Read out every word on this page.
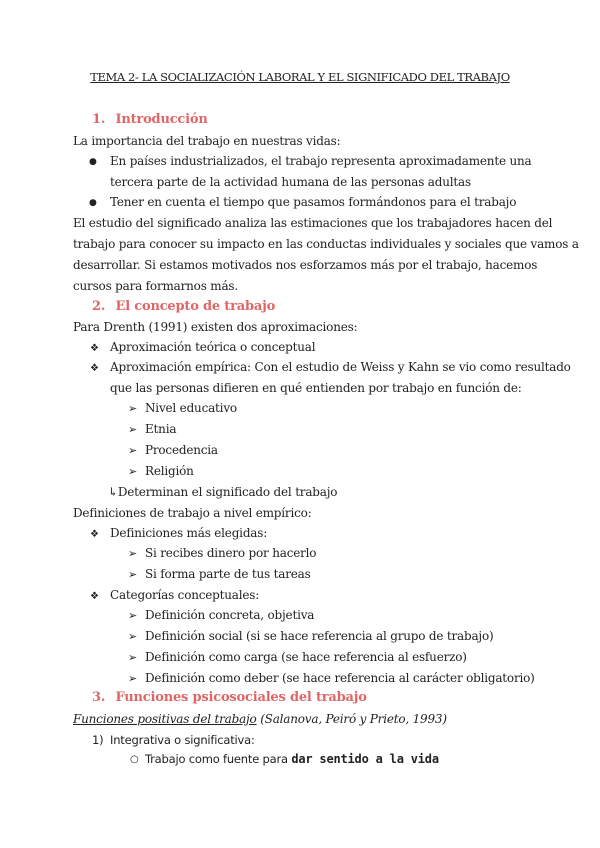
TEMA 2- LA SOCIALIZACIÓN LABORAL Y EL SIGNIFICADO DEL TRABAJO
1. Introducción
La importancia del trabajo en nuestras vidas:
● En países industrializados, el trabajo representa aproximadamente una
tercera parte de la actividad humana de las personas adultas
● Tener en cuenta el tiempo que pasamos formándonos para el trabajo
El estudio del significado analiza las estimaciones que los trabajadores hacen del
trabajo para conocer su impacto en las conductas individuales y sociales que vamos a
desarrollar. Si estamos motivados nos esforzamos más por el trabajo, hacemos
cursos para formarnos más.
2. El concepto de trabajo
Para Drenth (1991) existen dos aproximaciones:
❖ Aproximación teórica o conceptual
❖ Aproximación empírica: Con el estudio de Weiss y Kahn se vio como resultado
que las personas difieren en qué entienden por trabajo en función de:
➢ Nivel educativo
➢ Etnia
➢ Procedencia
➢ Religión
↳Determinan el significado del trabajo
Definiciones de trabajo a nivel empírico:
❖ Definiciones más elegidas:
➢ Si recibes dinero por hacerlo
➢ Si forma parte de tus tareas
❖ Categorías conceptuales:
➢ Definición concreta, objetiva
➢ Definición social (si se hace referencia al grupo de trabajo)
➢ Definición como carga (se hace referencia al esfuerzo)
➢ Definición como deber (se hace referencia al carácter obligatorio)
3. Funciones psicosociales del trabajo
Funciones positivas del trabajo (Salanova, Peiró y Prieto, 1993)
1) Integrativa o significativa:
○ Trabajo como fuente para dar sentido a la vida
